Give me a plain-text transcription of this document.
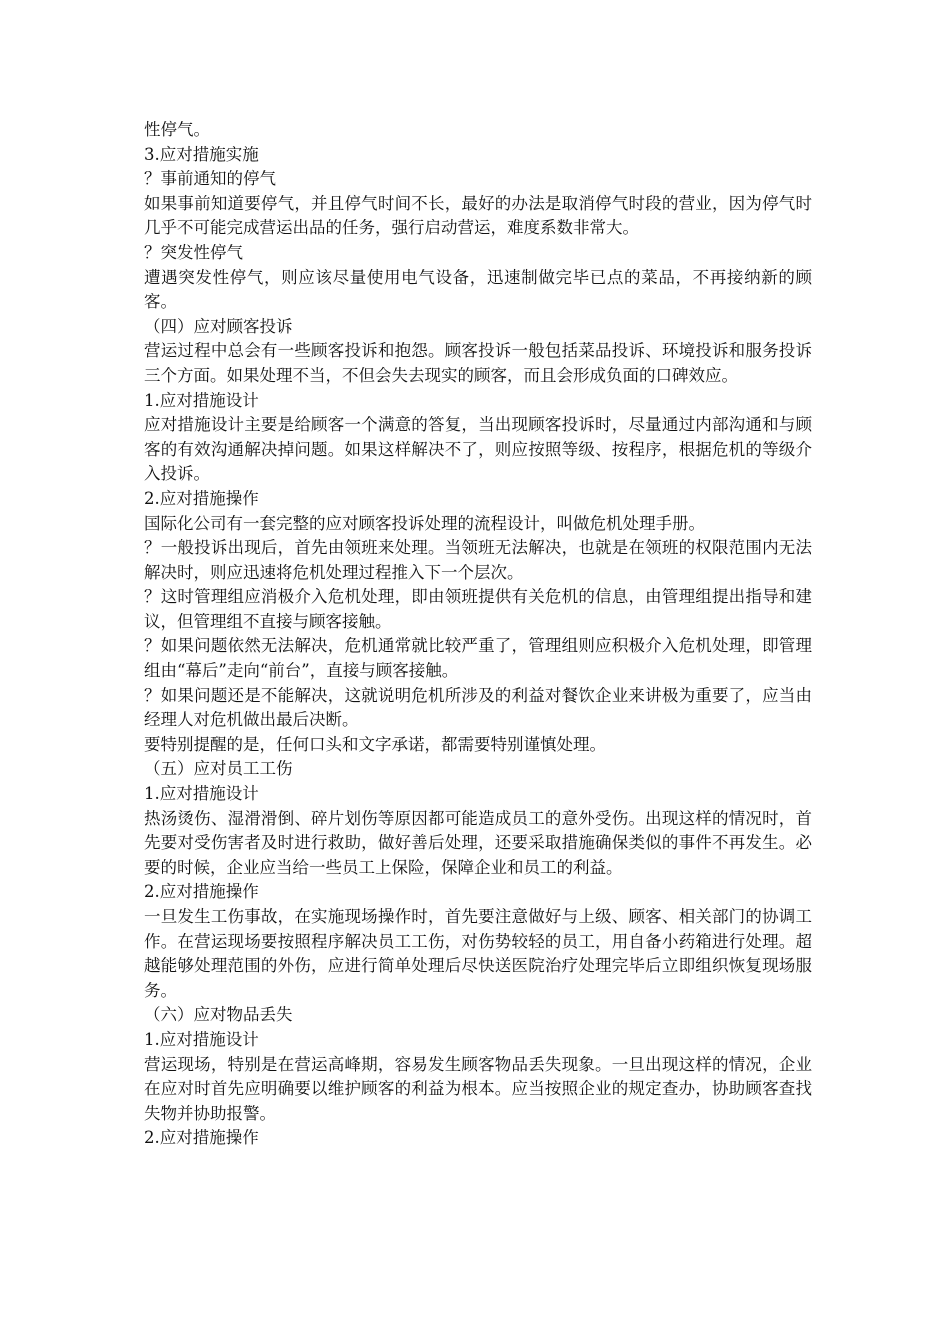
性停气。

3.应对措施实施

？事前通知的停气

如果事前知道要停气，并且停气时间不长，最好的办法是取消停气时段的营业，因为停气时几乎不可能完成营运出品的任务，强行启动营运，难度系数非常大。

？突发性停气

遭遇突发性停气，则应该尽量使用电气设备，迅速制做完毕已点的菜品，不再接纳新的顾客。

（四）应对顾客投诉

营运过程中总会有一些顾客投诉和抱怨。顾客投诉一般包括菜品投诉、环境投诉和服务投诉三个方面。如果处理不当，不但会失去现实的顾客，而且会形成负面的口碑效应。

1.应对措施设计

应对措施设计主要是给顾客一个满意的答复，当出现顾客投诉时，尽量通过内部沟通和与顾客的有效沟通解决掉问题。如果这样解决不了，则应按照等级、按程序，根据危机的等级介入投诉。

2.应对措施操作

国际化公司有一套完整的应对顾客投诉处理的流程设计，叫做危机处理手册。

？一般投诉出现后，首先由领班来处理。当领班无法解决，也就是在领班的权限范围内无法解决时，则应迅速将危机处理过程推入下一个层次。

？这时管理组应消极介入危机处理，即由领班提供有关危机的信息，由管理组提出指导和建议，但管理组不直接与顾客接触。

？如果问题依然无法解决，危机通常就比较严重了，管理组则应积极介入危机处理，即管理组由“幕后”走向“前台”，直接与顾客接触。

？如果问题还是不能解决，这就说明危机所涉及的利益对餐饮企业来讲极为重要了，应当由经理人对危机做出最后决断。

要特别提醒的是，任何口头和文字承诺，都需要特别谨慎处理。

（五）应对员工工伤

1.应对措施设计

热汤烫伤、湿滑滑倒、碎片划伤等原因都可能造成员工的意外受伤。出现这样的情况时，首先要对受伤害者及时进行救助，做好善后处理，还要采取措施确保类似的事件不再发生。必要的时候，企业应当给一些员工上保险，保障企业和员工的利益。

2.应对措施操作

一旦发生工伤事故，在实施现场操作时，首先要注意做好与上级、顾客、相关部门的协调工作。在营运现场要按照程序解决员工工伤，对伤势较轻的员工，用自备小药箱进行处理。超越能够处理范围的外伤，应进行简单处理后尽快送医院治疗处理完毕后立即组织恢复现场服务。

（六）应对物品丢失

1.应对措施设计

营运现场，特别是在营运高峰期，容易发生顾客物品丢失现象。一旦出现这样的情况，企业在应对时首先应明确要以维护顾客的利益为根本。应当按照企业的规定查办，协助顾客查找失物并协助报警。

2.应对措施操作
